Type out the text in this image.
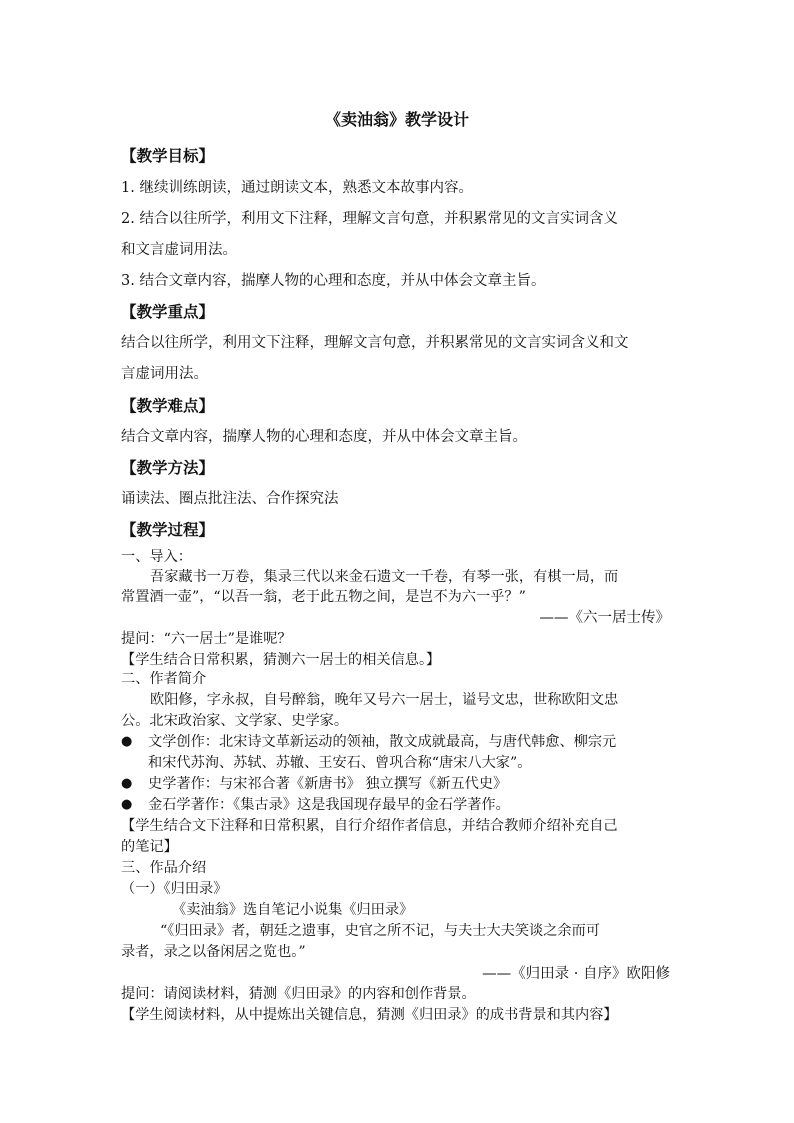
《卖油翁》教学设计
【教学目标】
1. 继续训练朗读，通过朗读文本，熟悉文本故事内容。
2. 结合以往所学，利用文下注释，理解文言句意，并积累常见的文言实词含义
和文言虚词用法。
3. 结合文章内容，揣摩人物的心理和态度，并从中体会文章主旨。
【教学重点】
结合以往所学，利用文下注释，理解文言句意，并积累常见的文言实词含义和文
言虚词用法。
【教学难点】
结合文章内容，揣摩人物的心理和态度，并从中体会文章主旨。
【教学方法】
诵读法、圈点批注法、合作探究法
【教学过程】
一、导入：
吾家藏书一万卷，集录三代以来金石遗文一千卷，有琴一张，有棋一局，而
常置酒一壶”，“以吾一翁，老于此五物之间，是岂不为六一乎？”
——《六一居士传》
提问：“六一居士”是谁呢？
【学生结合日常积累，猜测六一居士的相关信息。】
二、作者简介
欧阳修，字永叔，自号醉翁，晚年又号六一居士，谥号文忠，世称欧阳文忠
公。北宋政治家、文学家、史学家。
● 文学创作：北宋诗文革新运动的领袖，散文成就最高，与唐代韩愈、柳宗元
和宋代苏洵、苏轼、苏辙、王安石、曾巩合称“唐宋八大家”。
● 史学著作：与宋祁合著《新唐书》 独立撰写《新五代史》
● 金石学著作：《集古录》这是我国现存最早的金石学著作。
【学生结合文下注释和日常积累，自行介绍作者信息，并结合教师介绍补充自己
的笔记】
三、作品介绍
（一）《归田录》
《卖油翁》选自笔记小说集《归田录》
“《归田录》者，朝廷之遗事，史官之所不记，与夫士大夫笑谈之余而可
录者，录之以备闲居之览也。”
——《归田录 · 自序》欧阳修
提问：请阅读材料，猜测《归田录》的内容和创作背景。
【学生阅读材料，从中提炼出关键信息，猜测《归田录》的成书背景和其内容】
